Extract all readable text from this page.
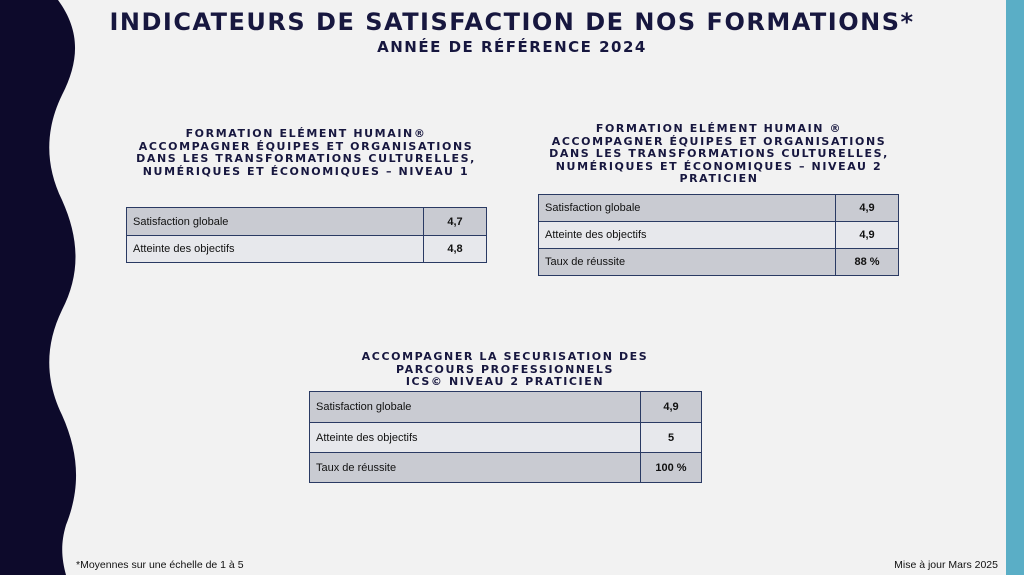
INDICATEURS DE SATISFACTION DE NOS FORMATIONS*
ANNÉE DE RÉFÉRENCE 2024
FORMATION ELÉMENT HUMAIN®
ACCOMPAGNER ÉQUIPES ET ORGANISATIONS
DANS LES TRANSFORMATIONS CULTURELLES,
NUMÉRIQUES ET ÉCONOMIQUES – NIVEAU 1
Satisfaction globale	4,7
Atteinte des objectifs	4,8
FORMATION ELÉMENT HUMAIN ®
ACCOMPAGNER ÉQUIPES ET ORGANISATIONS
DANS LES TRANSFORMATIONS CULTURELLES,
NUMÉRIQUES ET ÉCONOMIQUES – NIVEAU 2
PRATICIEN
Satisfaction globale	4,9
Atteinte des objectifs	4,9
Taux de réussite	88 %
ACCOMPAGNER LA SECURISATION DES
PARCOURS PROFESSIONNELS
ICS© NIVEAU 2 PRATICIEN
Satisfaction globale	4,9
Atteinte des objectifs	5
Taux de réussite	100 %
*Moyennes sur une échelle de 1 à 5	Mise à jour Mars 2025
